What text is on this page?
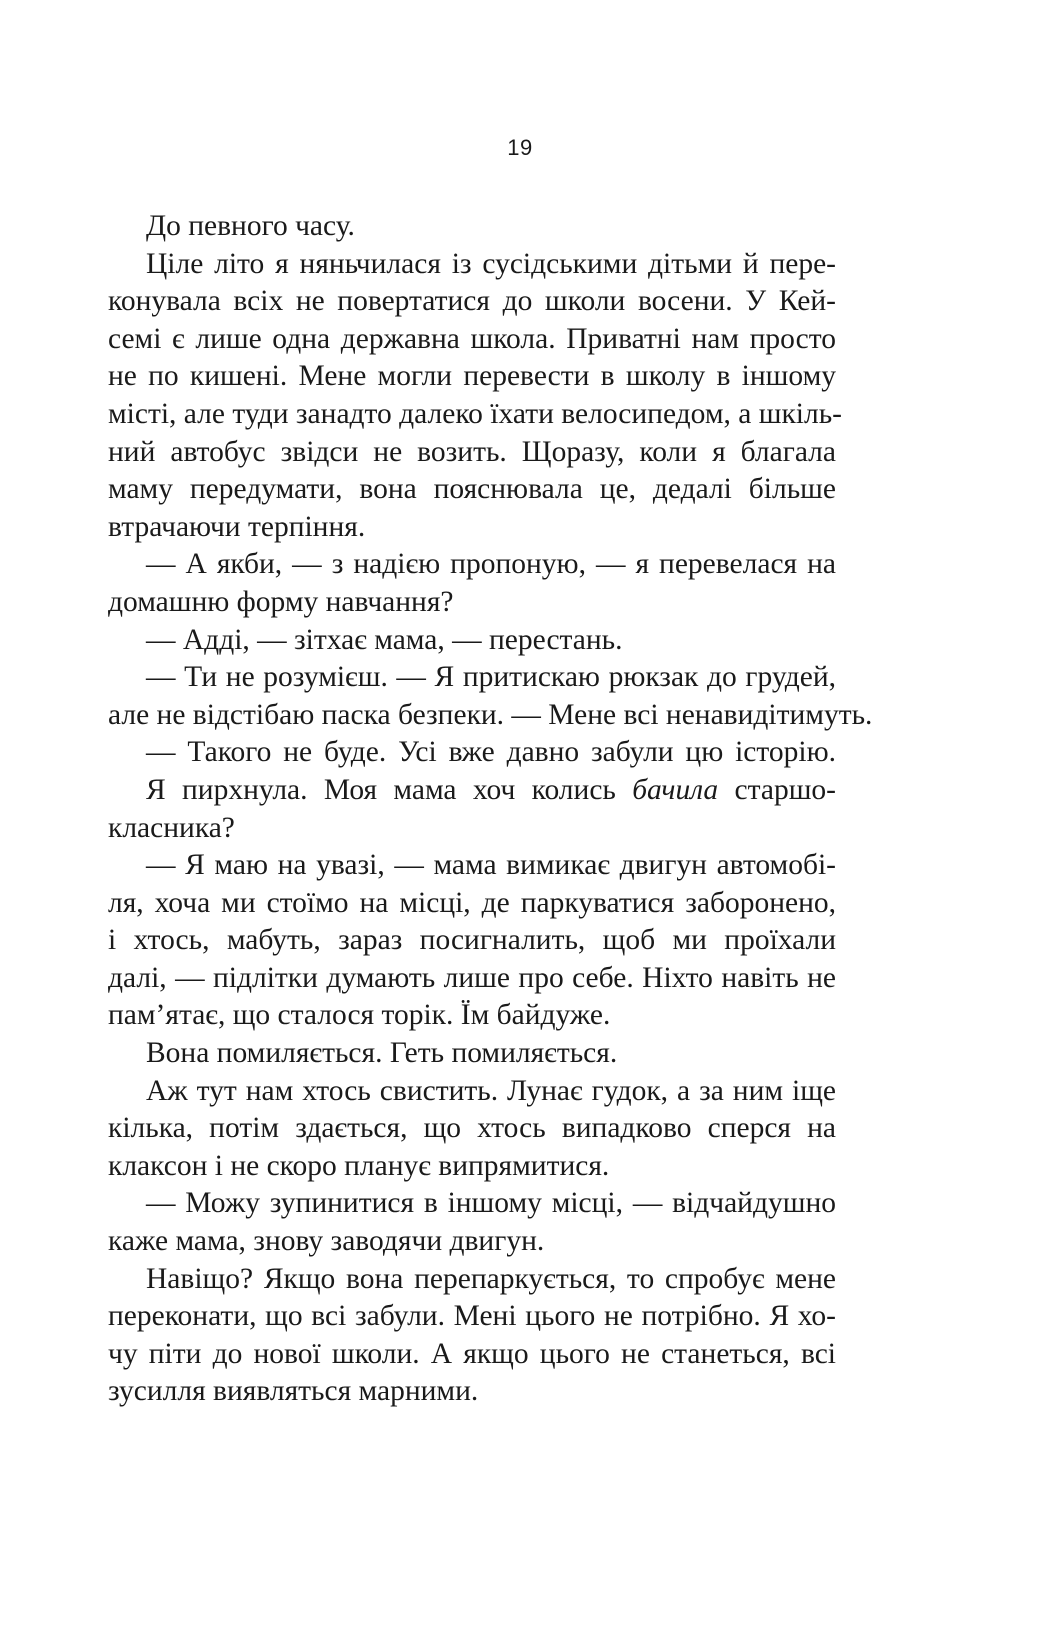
19
До певного часу.
Ціле літо я няньчилася із сусідськими дітьми й пере-
конувала всіх не повертатися до школи восени. У Кей-
семі є лише одна державна школа. Приватні нам просто
не по кишені. Мене могли перевести в школу в іншому
місті, але туди занадто далеко їхати велосипедом, а шкіль-
ний автобус звідси не возить. Щоразу, коли я благала
маму передумати, вона пояснювала це, дедалі більше
втрачаючи терпіння.
— А якби, — з надією пропоную, — я перевелася на
домашню форму навчання?
— Адді, — зітхає мама, — перестань.
— Ти не розумієш. — Я притискаю рюкзак до грудей,
але не відстібаю паска безпеки. — Мене всі ненавидітимуть.
— Такого не буде. Усі вже давно забули цю історію.
Я пирхнула. Моя мама хоч колись бачила старшо-
класника?
— Я маю на увазі, — мама вимикає двигун автомобі-
ля, хоча ми стоїмо на місці, де паркуватися заборонено,
і хтось, мабуть, зараз посигналить, щоб ми проїхали
далі, — підлітки думають лише про себе. Ніхто навіть не
пам’ятає, що сталося торік. Їм байдуже.
Вона помиляється. Геть помиляється.
Аж тут нам хтось свистить. Лунає гудок, а за ним іще
кілька, потім здається, що хтось випадково сперся на
клаксон і не скоро планує випрямитися.
— Можу зупинитися в іншому місці, — відчайдушно
каже мама, знову заводячи двигун.
Навіщо? Якщо вона перепаркується, то спробує мене
переконати, що всі забули. Мені цього не потрібно. Я хо-
чу піти до нової школи. А якщо цього не станеться, всі
зусилля виявляться марними.
